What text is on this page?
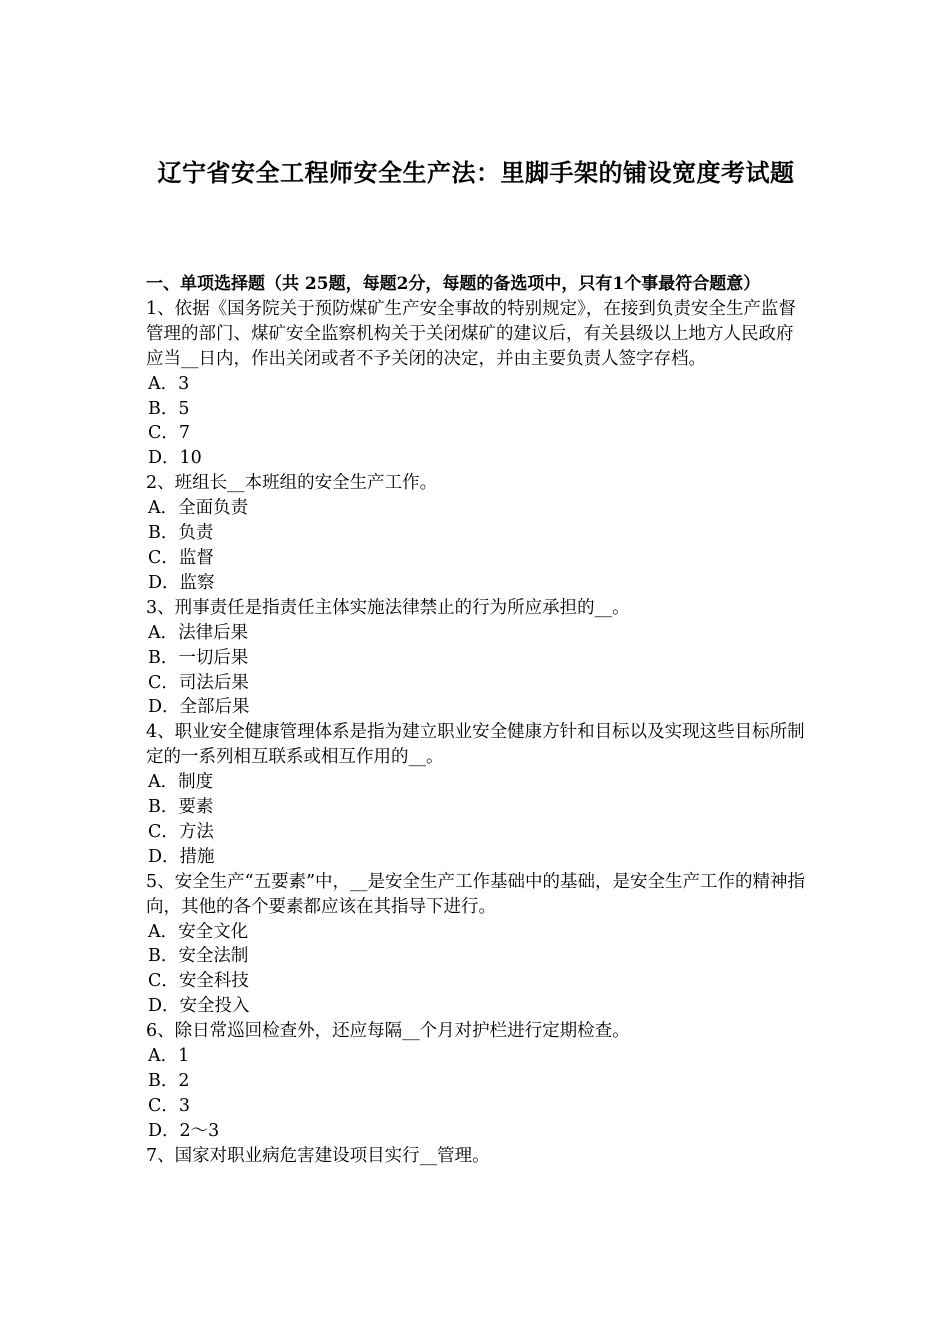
辽宁省安全工程师安全生产法：里脚手架的铺设宽度考试题
一、单项选择题（共 25题，每题2分，每题的备选项中，只有1个事最符合题意）
1、依据《国务院关于预防煤矿生产安全事故的特别规定》，在接到负责安全生产监督管理的部门、煤矿安全监察机构关于关闭煤矿的建议后，有关县级以上地方人民政府应当__日内，作出关闭或者不予关闭的决定，并由主要负责人签字存档。
A．3
B．5
C．7
D．10
2、班组长__本班组的安全生产工作。
A．全面负责
B．负责
C．监督
D．监察
3、刑事责任是指责任主体实施法律禁止的行为所应承担的__。
A．法律后果
B．一切后果
C．司法后果
D．全部后果
4、职业安全健康管理体系是指为建立职业安全健康方针和目标以及实现这些目标所制定的一系列相互联系或相互作用的__。
A．制度
B．要素
C．方法
D．措施
5、安全生产“五要素”中，__是安全生产工作基础中的基础，是安全生产工作的精神指向，其他的各个要素都应该在其指导下进行。
A．安全文化
B．安全法制
C．安全科技
D．安全投入
6、除日常巡回检查外，还应每隔__个月对护栏进行定期检查。
A．1
B．2
C．3
D．2～3
7、国家对职业病危害建设项目实行__管理。
